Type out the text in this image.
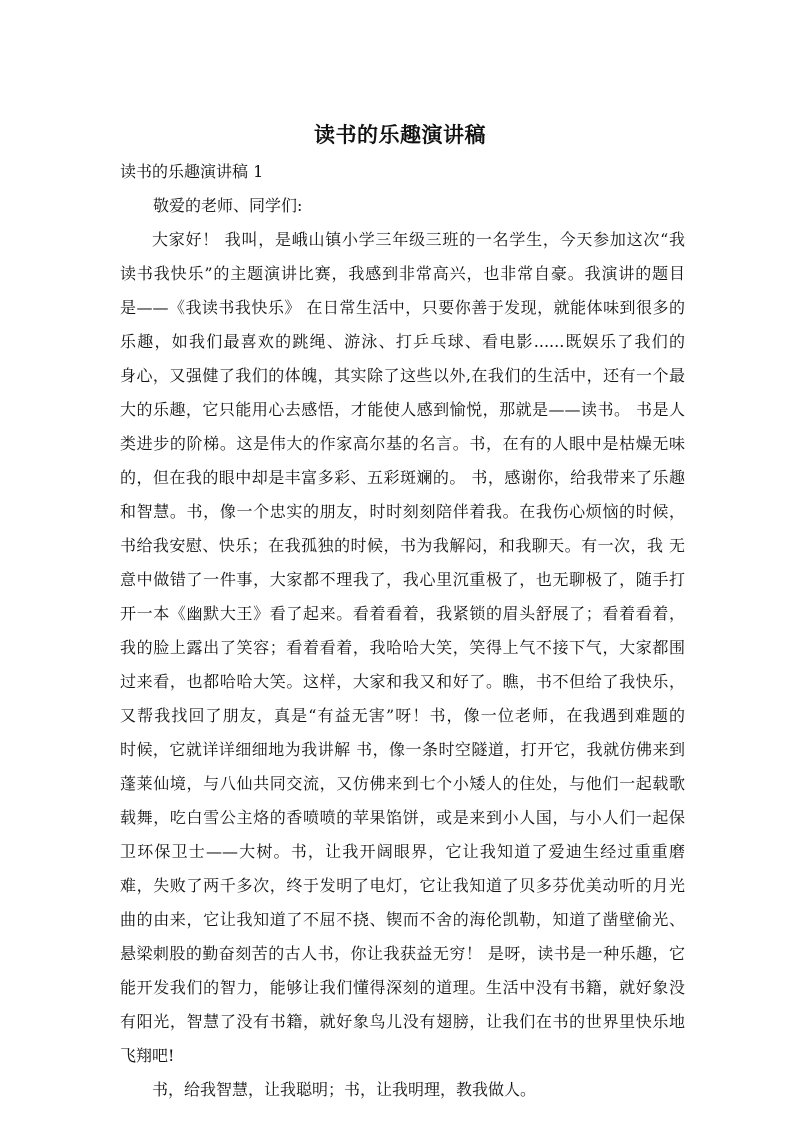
读书的乐趣演讲稿
读书的乐趣演讲稿 1
敬爱的老师、同学们:
大家好！ 我叫，是峨山镇小学三年级三班的一名学生，今天参加这次“我
读书我快乐”的主题演讲比赛，我感到非常高兴，也非常自豪。我演讲的题目
是——《我读书我快乐》 在日常生活中，只要你善于发现，就能体味到很多的
乐趣，如我们最喜欢的跳绳、游泳、打乒乓球、看电影......既娱乐了我们的
身心，又强健了我们的体魄，其实除了这些以外,在我们的生活中，还有一个最
大的乐趣，它只能用心去感悟，才能使人感到愉悦，那就是——读书。 书是人
类进步的阶梯。这是伟大的作家高尔基的名言。书，在有的人眼中是枯燥无味
的，但在我的眼中却是丰富多彩、五彩斑斓的。 书，感谢你，给我带来了乐趣
和智慧。书，像一个忠实的朋友，时时刻刻陪伴着我。在我伤心烦恼的时候，
书给我安慰、快乐；在我孤独的时候，书为我解闷，和我聊天。有一次，我 无
意中做错了一件事，大家都不理我了，我心里沉重极了，也无聊极了，随手打
开一本《幽默大王》看了起来。看着看着，我紧锁的眉头舒展了；看着看着，
我的脸上露出了笑容；看着看着，我哈哈大笑，笑得上气不接下气，大家都围
过来看，也都哈哈大笑。这样，大家和我又和好了。瞧，书不但给了我快乐，
又帮我找回了朋友，真是“有益无害”呀！书，像一位老师，在我遇到难题的
时候，它就详详细细地为我讲解 书，像一条时空隧道，打开它，我就仿佛来到
蓬莱仙境，与八仙共同交流，又仿佛来到七个小矮人的住处，与他们一起载歌
载舞，吃白雪公主烙的香喷喷的苹果馅饼，或是来到小人国，与小人们一起保
卫环保卫士——大树。书，让我开阔眼界，它让我知道了爱迪生经过重重磨
难，失败了两千多次，终于发明了电灯，它让我知道了贝多芬优美动听的月光
曲的由来，它让我知道了不屈不挠、锲而不舍的海伦凯勒，知道了凿壁偷光、
悬梁刺股的勤奋刻苦的古人书，你让我获益无穷！ 是呀，读书是一种乐趣，它
能开发我们的智力，能够让我们懂得深刻的道理。生活中没有书籍，就好象没
有阳光，智慧了没有书籍，就好象鸟儿没有翅膀，让我们在书的世界里快乐地
飞翔吧!
书，给我智慧，让我聪明；书，让我明理，教我做人。
